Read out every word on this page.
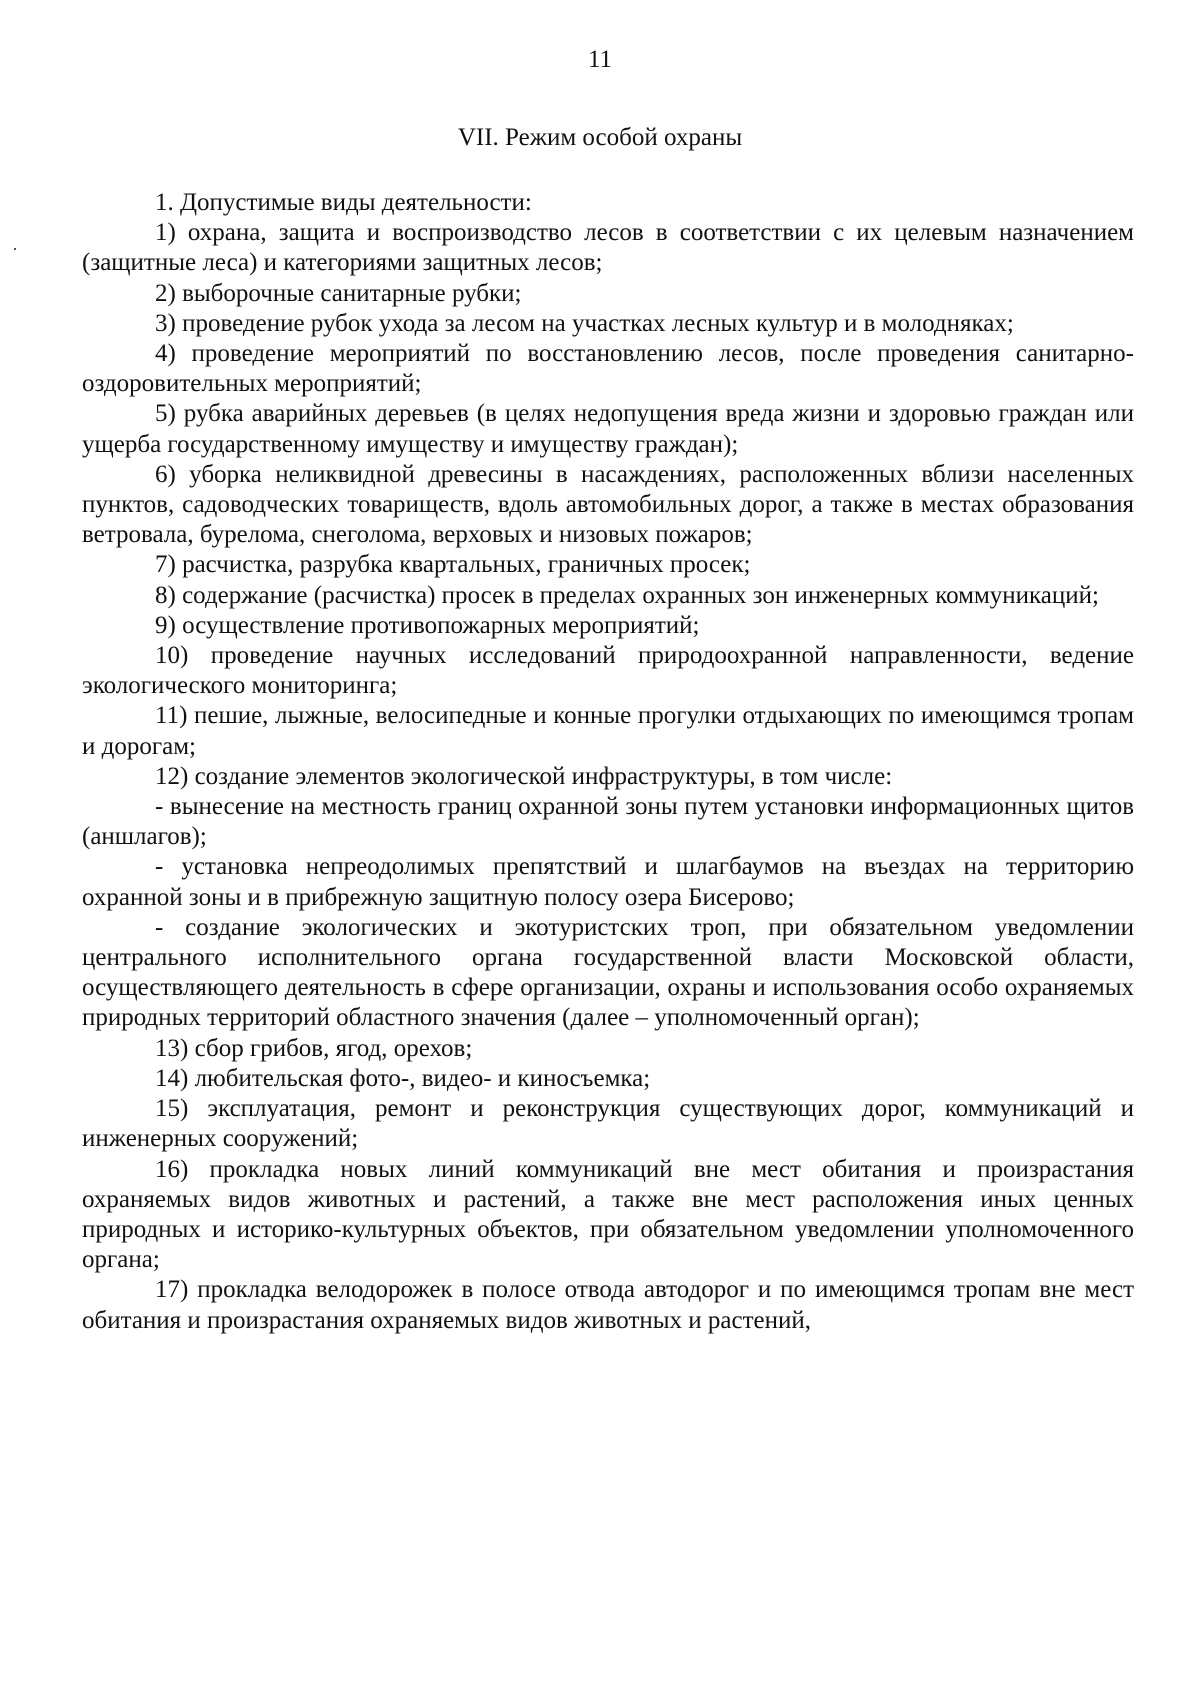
11
VII. Режим особой охраны

1. Допустимые виды деятельности:

1) охрана, защита и воспроизводство лесов в соответствии с их целевым назначением (защитные леса) и категориями защитных лесов;

2) выборочные санитарные рубки;

3) проведение рубок ухода за лесом на участках лесных культур и в молодняках;

4) проведение мероприятий по восстановлению лесов, после проведения санитарно-оздоровительных мероприятий;

5) рубка аварийных деревьев (в целях недопущения вреда жизни и здоровью граждан или ущерба государственному имуществу и имуществу граждан);

6) уборка неликвидной древесины в насаждениях, расположенных вблизи населенных пунктов, садоводческих товариществ, вдоль автомобильных дорог, а также в местах образования ветровала, бурелома, снеголома, верховых и низовых пожаров;

7) расчистка, разрубка квартальных, граничных просек;

8) содержание (расчистка) просек в пределах охранных зон инженерных коммуникаций;

9) осуществление противопожарных мероприятий;

10) проведение научных исследований природоохранной направленности, ведение экологического мониторинга;

11) пешие, лыжные, велосипедные и конные прогулки отдыхающих по имеющимся тропам и дорогам;

12) создание элементов экологической инфраструктуры, в том числе:

- вынесение на местность границ охранной зоны путем установки информационных щитов (аншлагов);

- установка непреодолимых препятствий и шлагбаумов на въездах на территорию охранной зоны и в прибрежную защитную полосу озера Бисерово;

- создание экологических и экотуристских троп, при обязательном уведомлении центрального исполнительного органа государственной власти Московской области, осуществляющего деятельность в сфере организации, охраны и использования особо охраняемых природных территорий областного значения (далее – уполномоченный орган);

13) сбор грибов, ягод, орехов;

14) любительская фото-, видео- и киносъемка;

15) эксплуатация, ремонт и реконструкция существующих дорог, коммуникаций и инженерных сооружений;

16) прокладка новых линий коммуникаций вне мест обитания и произрастания охраняемых видов животных и растений, а также вне мест расположения иных ценных природных и историко-культурных объектов, при обязательном уведомлении уполномоченного органа;

17) прокладка велодорожек в полосе отвода автодорог и по имеющимся тропам вне мест обитания и произрастания охраняемых видов животных и растений,
